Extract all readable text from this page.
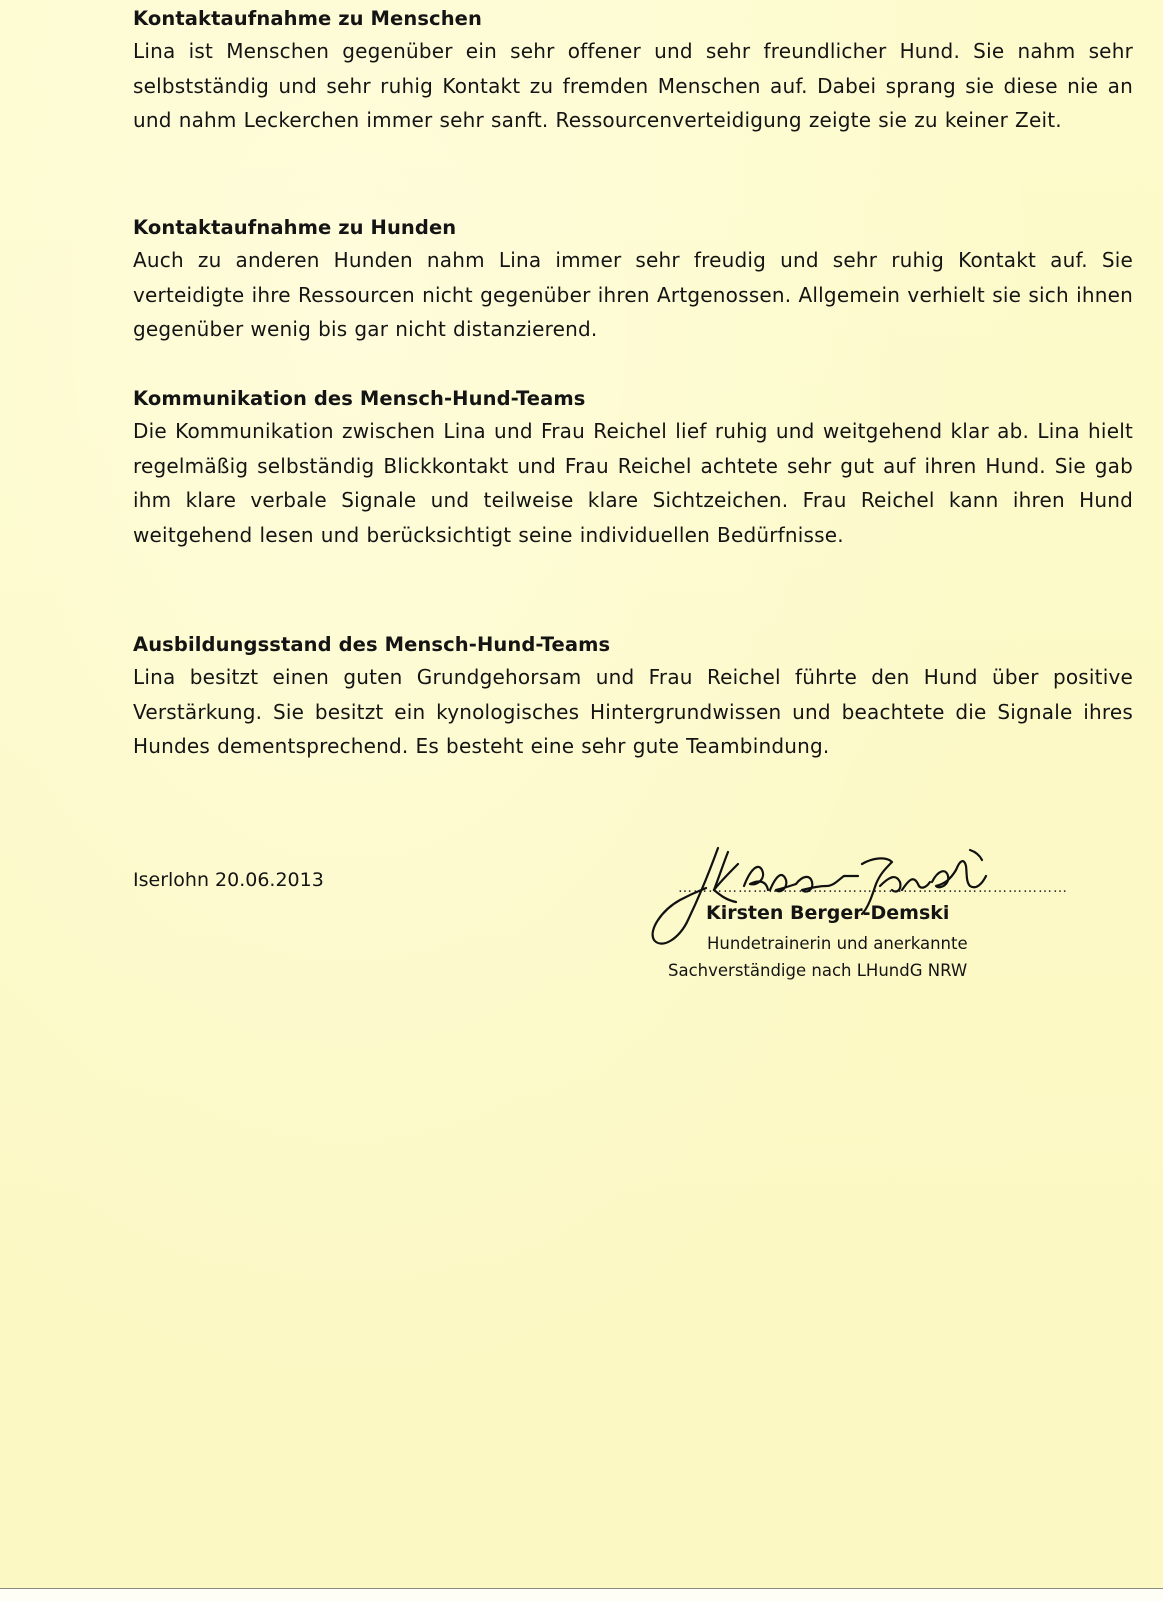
Kontaktaufnahme zu Menschen

Lina ist Menschen gegenüber ein sehr offener und sehr freundlicher Hund. Sie nahm sehr selbstständig und sehr ruhig Kontakt zu fremden Menschen auf. Dabei sprang sie diese nie an und nahm Leckerchen immer sehr sanft. Ressourcenverteidigung zeigte sie zu keiner Zeit.

Kontaktaufnahme zu Hunden

Auch zu anderen Hunden nahm Lina immer sehr freudig und sehr ruhig Kontakt auf. Sie verteidigte ihre Ressourcen nicht gegenüber ihren Artgenossen. Allgemein verhielt sie sich ihnen gegenüber wenig bis gar nicht distanzierend.

Kommunikation des Mensch-Hund-Teams

Die Kommunikation zwischen Lina und Frau Reichel lief ruhig und weitgehend klar ab. Lina hielt regelmäßig selbständig Blickkontakt und Frau Reichel achtete sehr gut auf ihren Hund. Sie gab ihm klare verbale Signale und teilweise klare Sichtzeichen. Frau Reichel kann ihren Hund weitgehend lesen und berücksichtigt seine individuellen Bedürfnisse.

Ausbildungsstand des Mensch-Hund-Teams

Lina besitzt einen guten Grundgehorsam und Frau Reichel führte den Hund über positive Verstärkung. Sie besitzt ein kynologisches Hintergrundwissen und beachtete die Signale ihres Hundes dementsprechend. Es besteht eine sehr gute Teambindung.

Iserlohn 20.06.2013	……………………………………………………………………

Kirsten Berger-Demski

Hundetrainerin und anerkannte

Sachverständige nach LHundG NRW
